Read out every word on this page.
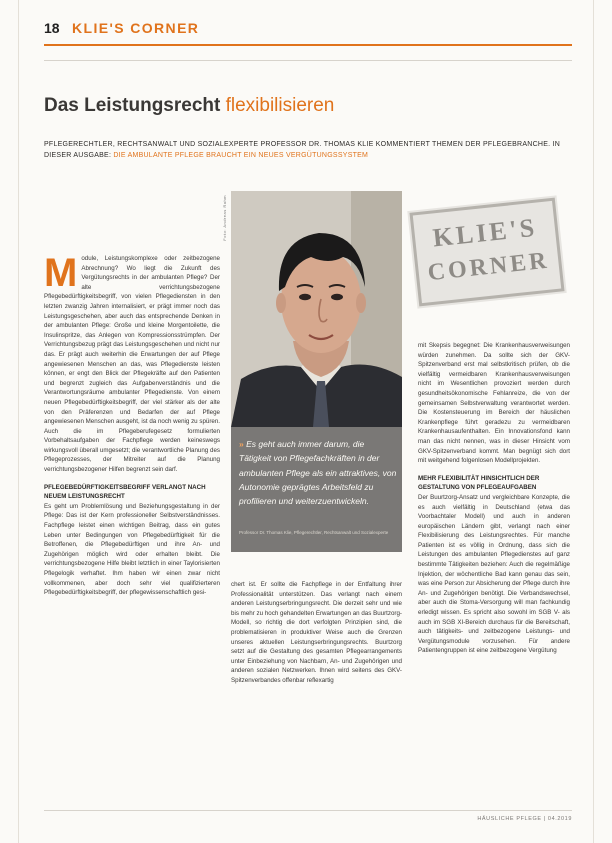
18 KLIE'S CORNER
Das Leistungsrecht flexibilisieren
PFLEGERECHTLER, RECHTSANWALT UND SOZIALEXPERTE PROFESSOR DR. THOMAS KLIE KOMMENTIERT THEMEN DER PFLEGEBRANCHE. IN DIESER AUSGABE: DIE AMBULANTE PFLEGE BRAUCHT EIN NEUES VERGÜTUNGSSYSTEM
Foto: Andreas Rahm
» Es geht auch immer darum, die Tätigkeit von Pflegefachkräften in der ambulanten Pflege als ein attraktives, von Autonomie geprägtes Arbeitsfeld zu profilieren und weiterzuentwickeln.
Professor Dr. Thomas Klie, Pflegerechtler, Rechtsanwalt und Sozialexperte
KLIE'S
CORNER
M odule, Leistungskomplexe oder zeitbezogene Abrechnung? Wo liegt die Zukunft des Vergütungsrechts in der ambulanten Pflege? Der alte verrichtungsbezogene Pflegebedürftigkeitsbegriff, von vielen Pflegediensten in den letzten zwanzig Jahren internalisiert, er prägt immer noch das Leistungsgeschehen, aber auch das entsprechende Denken in der ambulanten Pflege: Große und kleine Morgentoilette, die Insulinspritze, das Anlegen von Kompressionsstrümpfen. Der Verrichtungsbezug prägt das Leistungsgeschehen und nicht nur das. Er prägt auch weiterhin die Erwartungen der auf Pflege angewiesenen Menschen an das, was Pflegedienste leisten können, er engt den Blick der Pflegekräfte auf den Patienten und begrenzt zugleich das Aufgabenverständnis und die Verantwortungsräume ambulanter Pflegedienste. Von einem neuen Pflegebedürftigkeitsbegriff, der viel stärker als der alte von den Präferenzen und Bedarfen der auf Pflege angewiesenen Menschen ausgeht, ist da noch wenig zu spüren. Auch die im Pflegeberufegesetz formulierten Vorbehaltsaufgaben der Fachpflege werden keineswegs wirkungsvoll überall umgesetzt; die verantwortliche Planung des Pflegeprozesses, der Mitreiter auf die Planung verrichtungsbezogener Hilfen begrenzt sein darf.

PFLEGEBEDÜRFTIGKEITSBEGRIFF VERLANGT NACH NEUEM LEISTUNGSRECHT

Es geht um Problemlösung und Beziehungsgestaltung in der Pflege: Das ist der Kern professioneller Selbstverständnisses. Fachpflege leistet einen wichtigen Beitrag, dass ein gutes Leben unter Bedingungen von Pflegebedürftigkeit für die Betroffenen, die Pflegebedürftigen und ihre An- und Zugehörigen möglich wird oder erhalten bleibt. Die verrichtungsbezogene Hilfe bleibt letztlich in einer Taylorisierten Pflegelogik verhaftet. Ihm haben wir einen zwar nicht vollkommenen, aber doch sehr viel qualifizierteren Pflegebedürftigkeitsbegriff, der pflegewissenschaftlich gesi-

chert ist. Er sollte die Fachpflege in der Entfaltung ihrer Professionalität unterstützen. Das verlangt nach einem anderen Leistungserbringungsrecht. Die derzeit sehr und wie bis mehr zu hoch gehandelten Erwartungen an das Buurtzorg-Modell, so richtig die dort verfolgten Prinzipien sind, die problematisieren in produktiver Weise auch die Grenzen unseres aktuellen Leistungserbringungsrechts. Buurtzorg setzt auf die Gestaltung des gesamten Pflegearrangements unter Einbeziehung von Nachbarn, An- und Zugehörigen und anderen sozialen Netzwerken. Ihnen wird seitens des GKV-Spitzenverbandes offenbar reflexartig

mit Skepsis begegnet: Die Krankenhausverweisungen würden zunehmen. Da sollte sich der GKV-Spitzenverband erst mal selbstkritisch prüfen, ob die vielfältig vermeidbaren Krankenhausverweisungen nicht im Wesentlichen provoziert werden durch gesundheitsökonomische Fehlanreize, die von der gemeinsamen Selbstverwaltung verantwortet werden. Die Kostensteuerung im Bereich der häuslichen Krankenpflege führt geradezu zu vermeidbaren Krankenhausaufenthalten. Ein Innovationsfond kann man das nicht nennen, was in dieser Hinsicht vom GKV-Spitzenverband kommt. Man begnügt sich dort mit weitgehend folgenlosen Modellprojekten.

MEHR FLEXIBILITÄT HINSICHTLICH DER GESTALTUNG VON PFLEGEAUFGABEN

Der Buurtzorg-Ansatz und vergleichbare Konzepte, die es auch vielfältig in Deutschland (etwa das Voorbachtaler Modell) und auch in anderen europäischen Ländern gibt, verlangt nach einer Flexibilisierung des Leistungsrechtes. Für manche Patienten ist es völlig in Ordnung, dass sich die Leistungen des ambulanten Pflegedienstes auf ganz bestimmte Tätigkeiten beziehen: Auch die regelmäßige Injektion, der wöchentliche Bad kann genau das sein, was eine Person zur Absicherung der Pflege durch ihre An- und Zugehörigen benötigt. Die Verbandswechsel, aber auch die Stoma-Versorgung will man fachkundig erledigt wissen. Es spricht also sowohl im SGB V- als auch im SGB XI-Bereich durchaus für die Bereitschaft, auch tätigkeits- und zeitbezogene Leistungs- und Vergütungsmodule vorzusehen. Für andere Patientengruppen ist eine zeitbezogene Vergütung

HÄUSLICHE PFLEGE | 04.2019
